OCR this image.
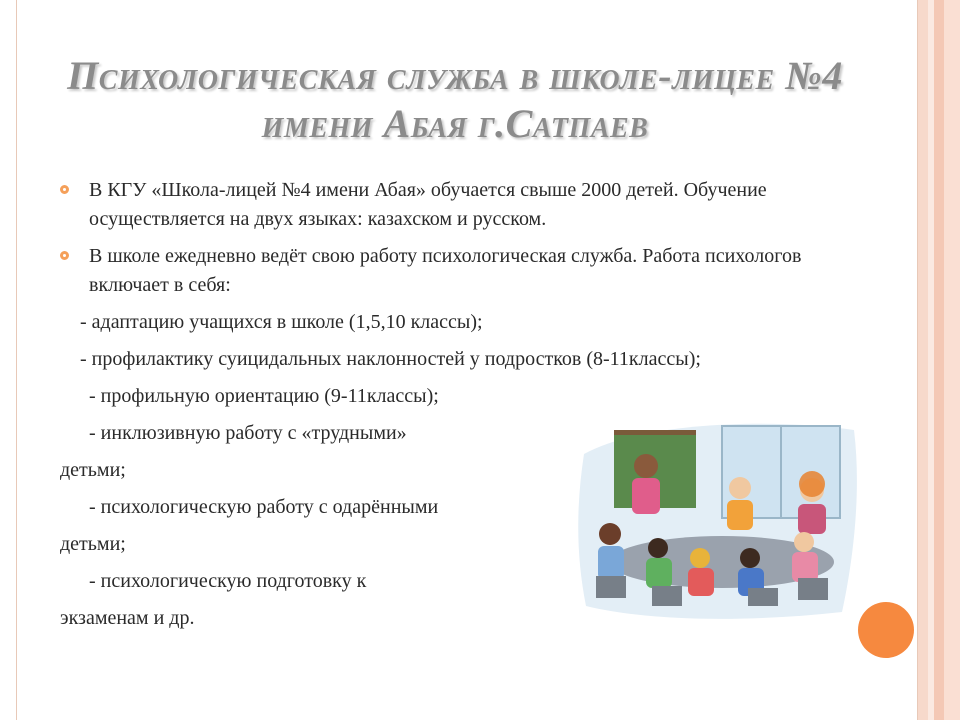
Психологическая служба в школе-лицее №4 имени Абая г.Сатпаев
В КГУ «Школа-лицей №4 имени Абая» обучается свыше 2000 детей. Обучение осуществляется на двух языках: казахском и русском.
В школе ежедневно ведёт свою работу психологическая служба. Работа психологов включает в себя:
- адаптацию учащихся в школе (1,5,10 классы);
- профилактику суицидальных наклонностей у подростков (8-11классы);
- профильную ориентацию (9-11классы);
- инклюзивную работу с «трудными»
детьми;
- психологическую работу с одарёнными
детьми;
- психологическую подготовку к
экзаменам и др.
